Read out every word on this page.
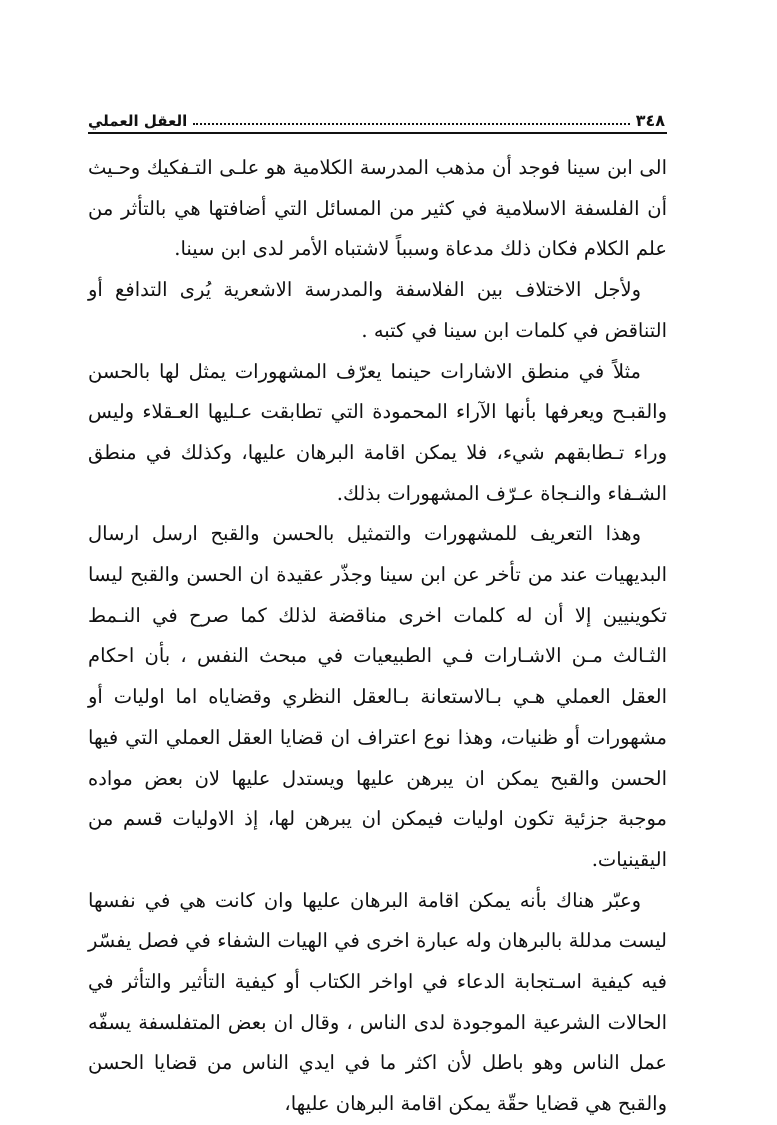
٣٤٨
العقل العملي

الى ابن سينا فوجد أن مذهب المدرسة الكلامية هو علـى التـفكيك وحـيث أن الفلسفة الاسلامية في كثير من المسائل التي أضافتها هي بالتأثر من علم الكلام فكان ذلك مدعاة وسبباً لاشتباه الأمر لدى ابن سينا.

ولأجل الاختلاف بين الفلاسفة والمدرسة الاشعرية يُرى التدافع أو التناقض في كلمات ابن سينا في كتبه .

مثلاً في منطق الاشارات حينما يعرّف المشهورات يمثل لها بالحسن والقبـح ويعرفها بأنها الآراء المحمودة التي تطابقت عـليها العـقلاء وليس وراء تـطابقهم شيء، فلا يمكن اقامة البرهان عليها، وكذلك في منطق الشـفاء والنـجاة عـرّف المشهورات بذلك.

وهذا التعريف للمشهورات والتمثيل بالحسن والقبح ارسل ارسال البديهيات عند من تأخر عن ابن سينا وجذّر عقيدة ان الحسن والقبح ليسا تكوينيين إلا أن له كلمات اخرى مناقضة لذلك كما صرح في النـمط الثـالث مـن الاشـارات فـي الطبيعيات في مبحث النفس ، بأن احكام العقل العملي هـي بـالاستعانة بـالعقل النظري وقضاياه اما اوليات أو مشهورات أو ظنيات، وهذا نوع اعتراف ان قضايا العقل العملي التي فيها الحسن والقبح يمكن ان يبرهن عليها ويستدل عليها لان بعض مواده موجبة جزئية تكون اوليات فيمكن ان يبرهن لها، إذ الاوليات قسم من اليقينيات.

وعبّر هناك بأنه يمكن اقامة البرهان عليها وان كانت هي في نفسها ليست مدللة بالبرهان وله عبارة اخرى في الهيات الشفاء في فصل يفسّر فيه كيفية اسـتجابة الدعاء في اواخر الكتاب أو كيفية التأثير والتأثر في الحالات الشرعية الموجودة لدى الناس ، وقال ان بعض المتفلسفة يسفّه عمل الناس وهو باطل لأن اكثر ما في ايدي الناس من قضايا الحسن والقبح هي قضايا حقّة يمكن اقامة البرهان عليها،
